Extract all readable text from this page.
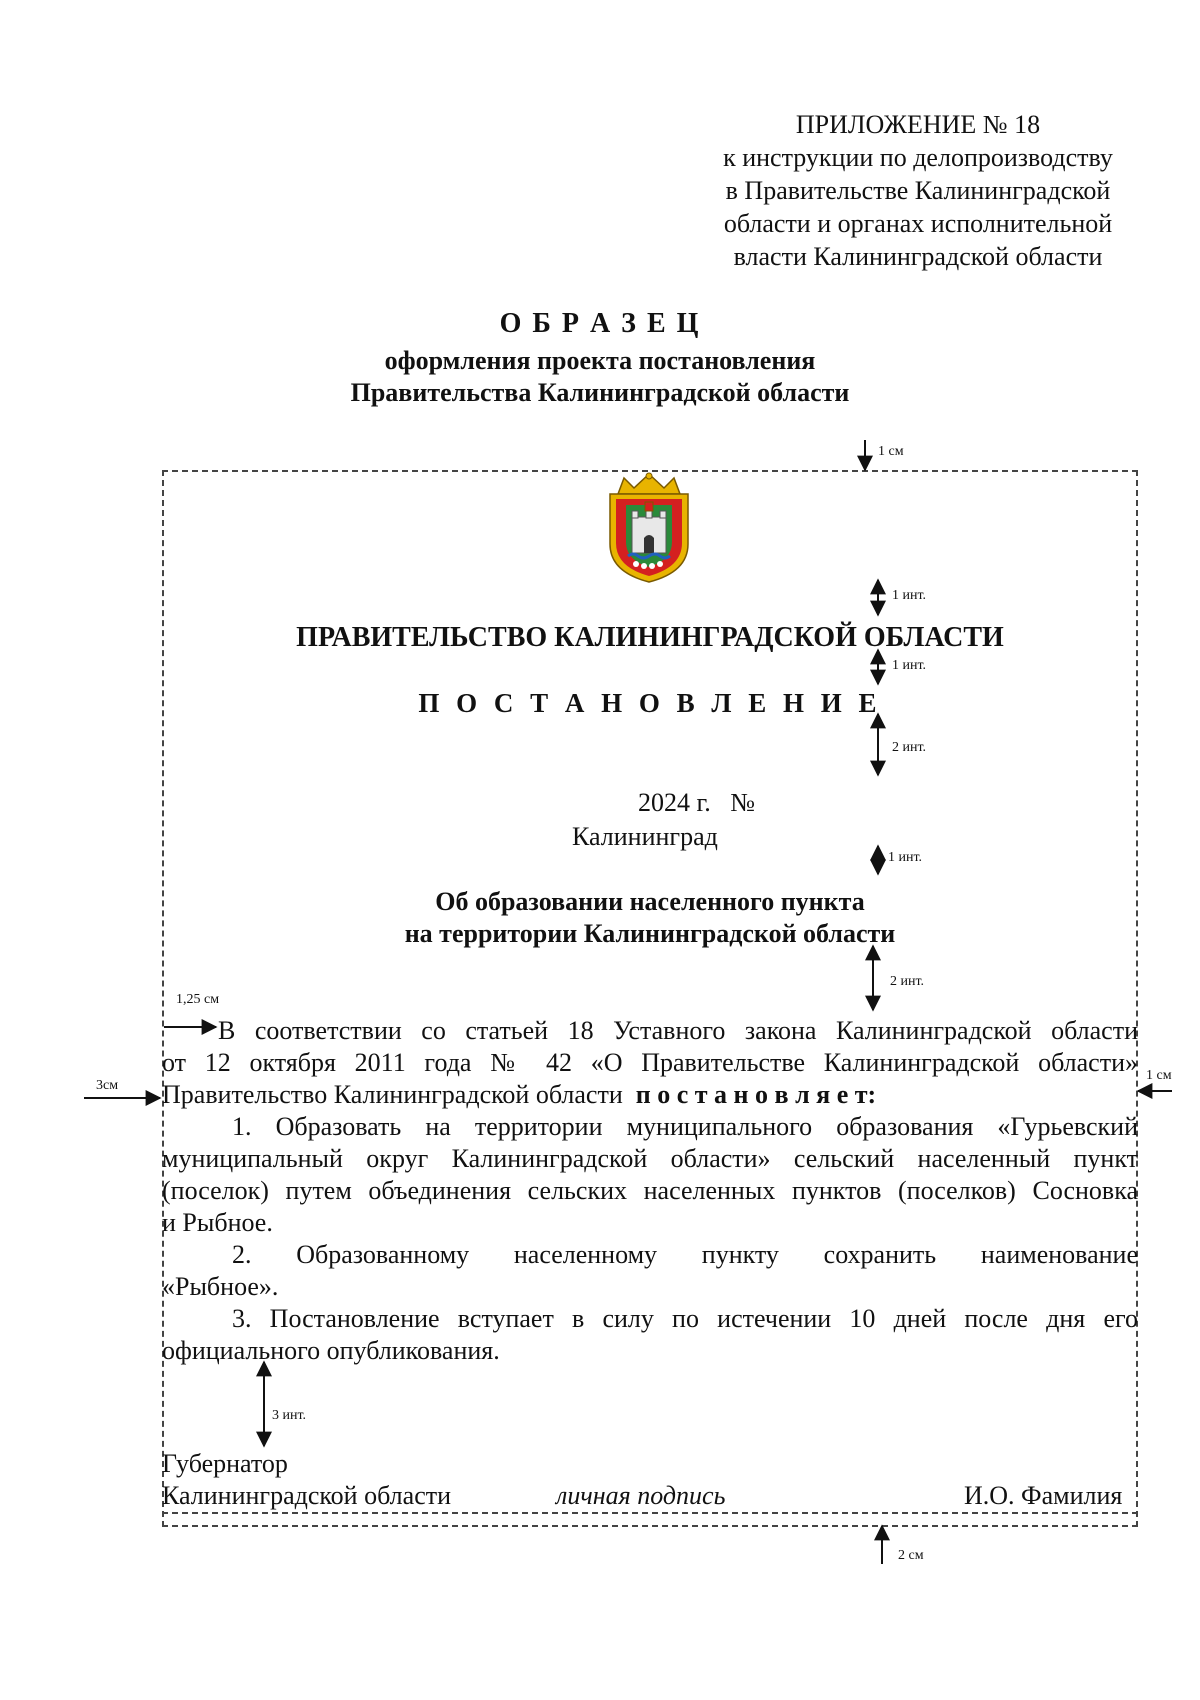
ПРИЛОЖЕНИЕ № 18
к инструкции по делопроизводству
в Правительстве Калининградской
области и органах исполнительной
власти Калининградской области
О Б Р А З Е Ц
оформления проекта постановления
Правительства Калининградской области
ПРАВИТЕЛЬСТВО КАЛИНИНГРАДСКОЙ ОБЛАСТИ
П О С Т А Н О В Л Е Н И Е
2024 г.   №
Калининград
Об образовании населенного пункта
на территории Калининградской области
В соответствии со статьей 18 Уставного закона Калининградской области
от 12 октября 2011 года № 42 «О Правительстве Калининградской области»
Правительство Калининградской области п о с т а н о в л я е т:
1. Образовать на территории муниципального образования «Гурьевский
муниципальный округ Калининградской области» сельский населенный пункт
(поселок) путем объединения сельских населенных пунктов (поселков) Сосновка
и Рыбное.
2. Образованному населенному пункту сохранить наименование
«Рыбное».
3. Постановление вступает в силу по истечении 10 дней после дня его
официального опубликования.
Губернатор
Калининградской области	личная подпись	И.О. Фамилия
1 см
1 инт.
1 инт.
2 инт.
1 инт.
2 инт.
1,25 см
3см
1 см
3 инт.
2 см
